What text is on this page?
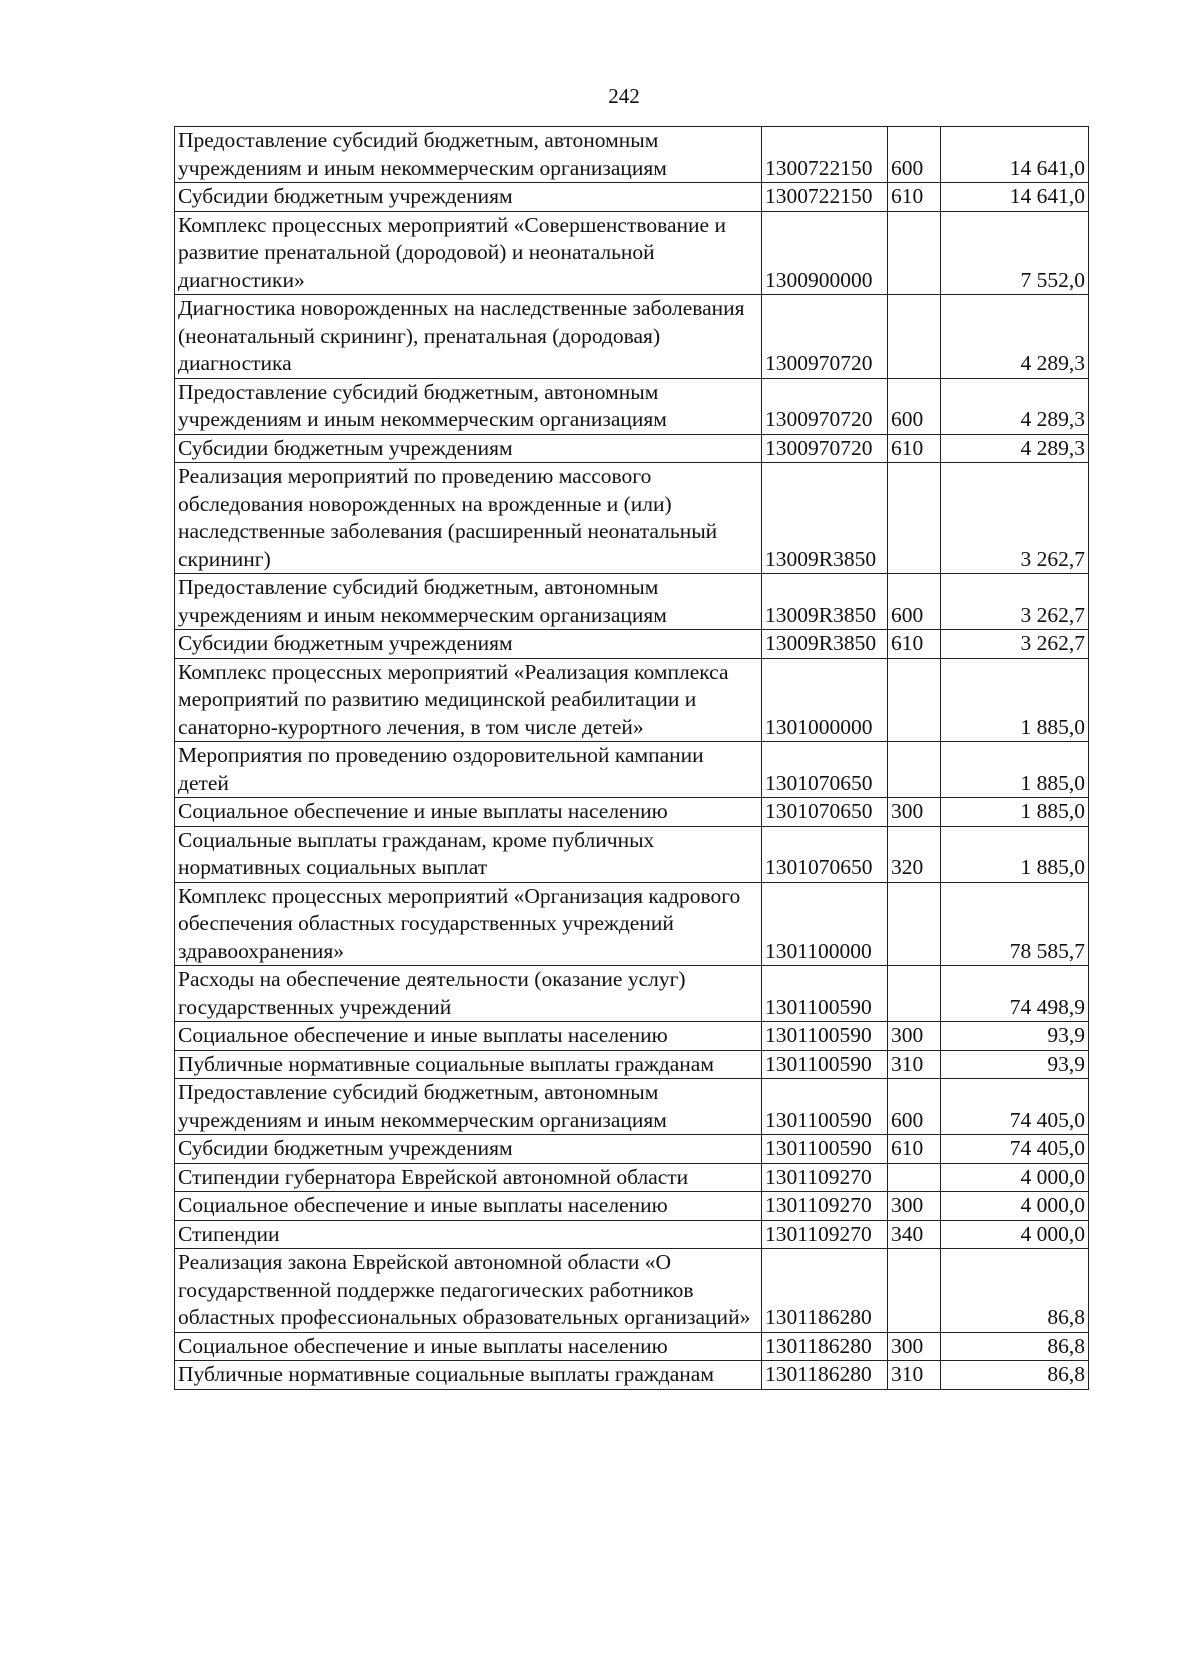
242
Предоставление субсидий бюджетным, автономным учреждениям и иным некоммерческим организациям	1300722150	600	14 641,0
Субсидии бюджетным учреждениям	1300722150	610	14 641,0
Комплекс процессных мероприятий «Совершенствование и развитие пренатальной (дородовой) и неонатальной диагностики»	1300900000		7 552,0
Диагностика новорожденных на наследственные заболевания (неонатальный скрининг), пренатальная (дородовая) диагностика	1300970720		4 289,3
Предоставление субсидий бюджетным, автономным учреждениям и иным некоммерческим организациям	1300970720	600	4 289,3
Субсидии бюджетным учреждениям	1300970720	610	4 289,3
Реализация мероприятий по проведению массового обследования новорожденных на врожденные и (или) наследственные заболевания (расширенный неонатальный скрининг)	13009R3850		3 262,7
Предоставление субсидий бюджетным, автономным учреждениям и иным некоммерческим организациям	13009R3850	600	3 262,7
Субсидии бюджетным учреждениям	13009R3850	610	3 262,7
Комплекс процессных мероприятий «Реализация комплекса мероприятий по развитию медицинской реабилитации и санаторно-курортного лечения, в том числе детей»	1301000000		1 885,0
Мероприятия по проведению оздоровительной кампании детей	1301070650		1 885,0
Социальное обеспечение и иные выплаты населению	1301070650	300	1 885,0
Социальные выплаты гражданам, кроме публичных нормативных социальных выплат	1301070650	320	1 885,0
Комплекс процессных мероприятий «Организация кадрового обеспечения областных государственных учреждений здравоохранения»	1301100000		78 585,7
Расходы на обеспечение деятельности (оказание услуг) государственных учреждений	1301100590		74 498,9
Социальное обеспечение и иные выплаты населению	1301100590	300	93,9
Публичные нормативные социальные выплаты гражданам	1301100590	310	93,9
Предоставление субсидий бюджетным, автономным учреждениям и иным некоммерческим организациям	1301100590	600	74 405,0
Субсидии бюджетным учреждениям	1301100590	610	74 405,0
Стипендии губернатора Еврейской автономной области	1301109270		4 000,0
Социальное обеспечение и иные выплаты населению	1301109270	300	4 000,0
Стипендии	1301109270	340	4 000,0
Реализация закона Еврейской автономной области «О государственной поддержке педагогических работников областных профессиональных образовательных организаций»	1301186280		86,8
Социальное обеспечение и иные выплаты населению	1301186280	300	86,8
Публичные нормативные социальные выплаты гражданам	1301186280	310	86,8
